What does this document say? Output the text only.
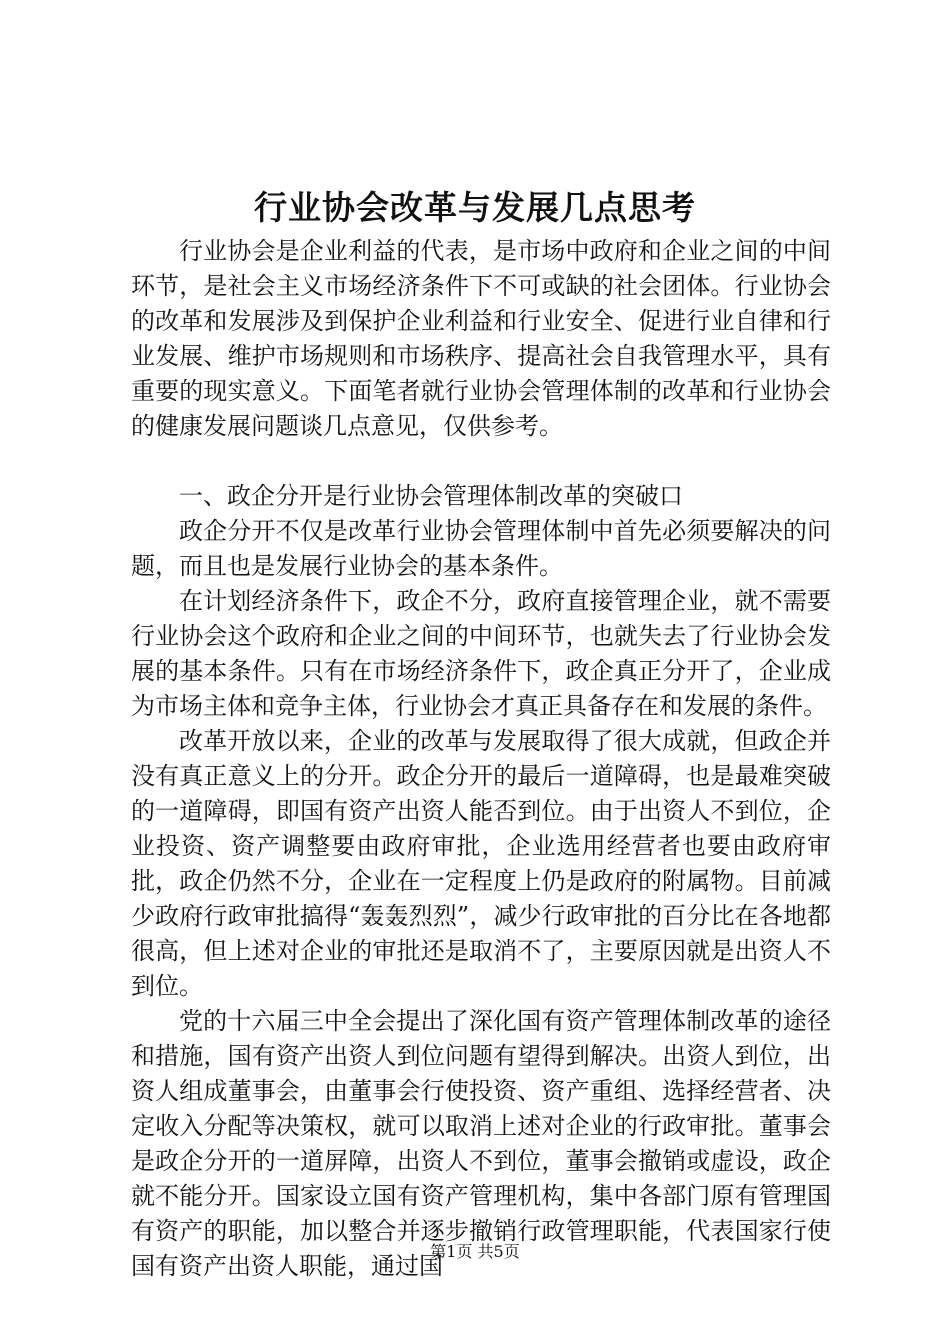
行业协会改革与发展几点思考

行业协会是企业利益的代表，是市场中政府和企业之间的中间环节，是社会主义市场经济条件下不可或缺的社会团体。行业协会的改革和发展涉及到保护企业利益和行业安全、促进行业自律和行业发展、维护市场规则和市场秩序、提高社会自我管理水平，具有重要的现实意义。下面笔者就行业协会管理体制的改革和行业协会的健康发展问题谈几点意见，仅供参考。

一、政企分开是行业协会管理体制改革的突破口

政企分开不仅是改革行业协会管理体制中首先必须要解决的问题，而且也是发展行业协会的基本条件。

在计划经济条件下，政企不分，政府直接管理企业，就不需要行业协会这个政府和企业之间的中间环节，也就失去了行业协会发展的基本条件。只有在市场经济条件下，政企真正分开了，企业成为市场主体和竞争主体，行业协会才真正具备存在和发展的条件。

改革开放以来，企业的改革与发展取得了很大成就，但政企并没有真正意义上的分开。政企分开的最后一道障碍，也是最难突破的一道障碍，即国有资产出资人能否到位。由于出资人不到位，企业投资、资产调整要由政府审批，企业选用经营者也要由政府审批，政企仍然不分，企业在一定程度上仍是政府的附属物。目前减少政府行政审批搞得“轰轰烈烈”，减少行政审批的百分比在各地都很高，但上述对企业的审批还是取消不了，主要原因就是出资人不到位。

党的十六届三中全会提出了深化国有资产管理体制改革的途径和措施，国有资产出资人到位问题有望得到解决。出资人到位，出资人组成董事会，由董事会行使投资、资产重组、选择经营者、决定收入分配等决策权，就可以取消上述对企业的行政审批。董事会是政企分开的一道屏障，出资人不到位，董事会撤销或虚设，政企就不能分开。国家设立国有资产管理机构，集中各部门原有管理国有资产的职能，加以整合并逐步撤销行政管理职能，代表国家行使国有资产出资人职能，通过国

第1页 共5页
